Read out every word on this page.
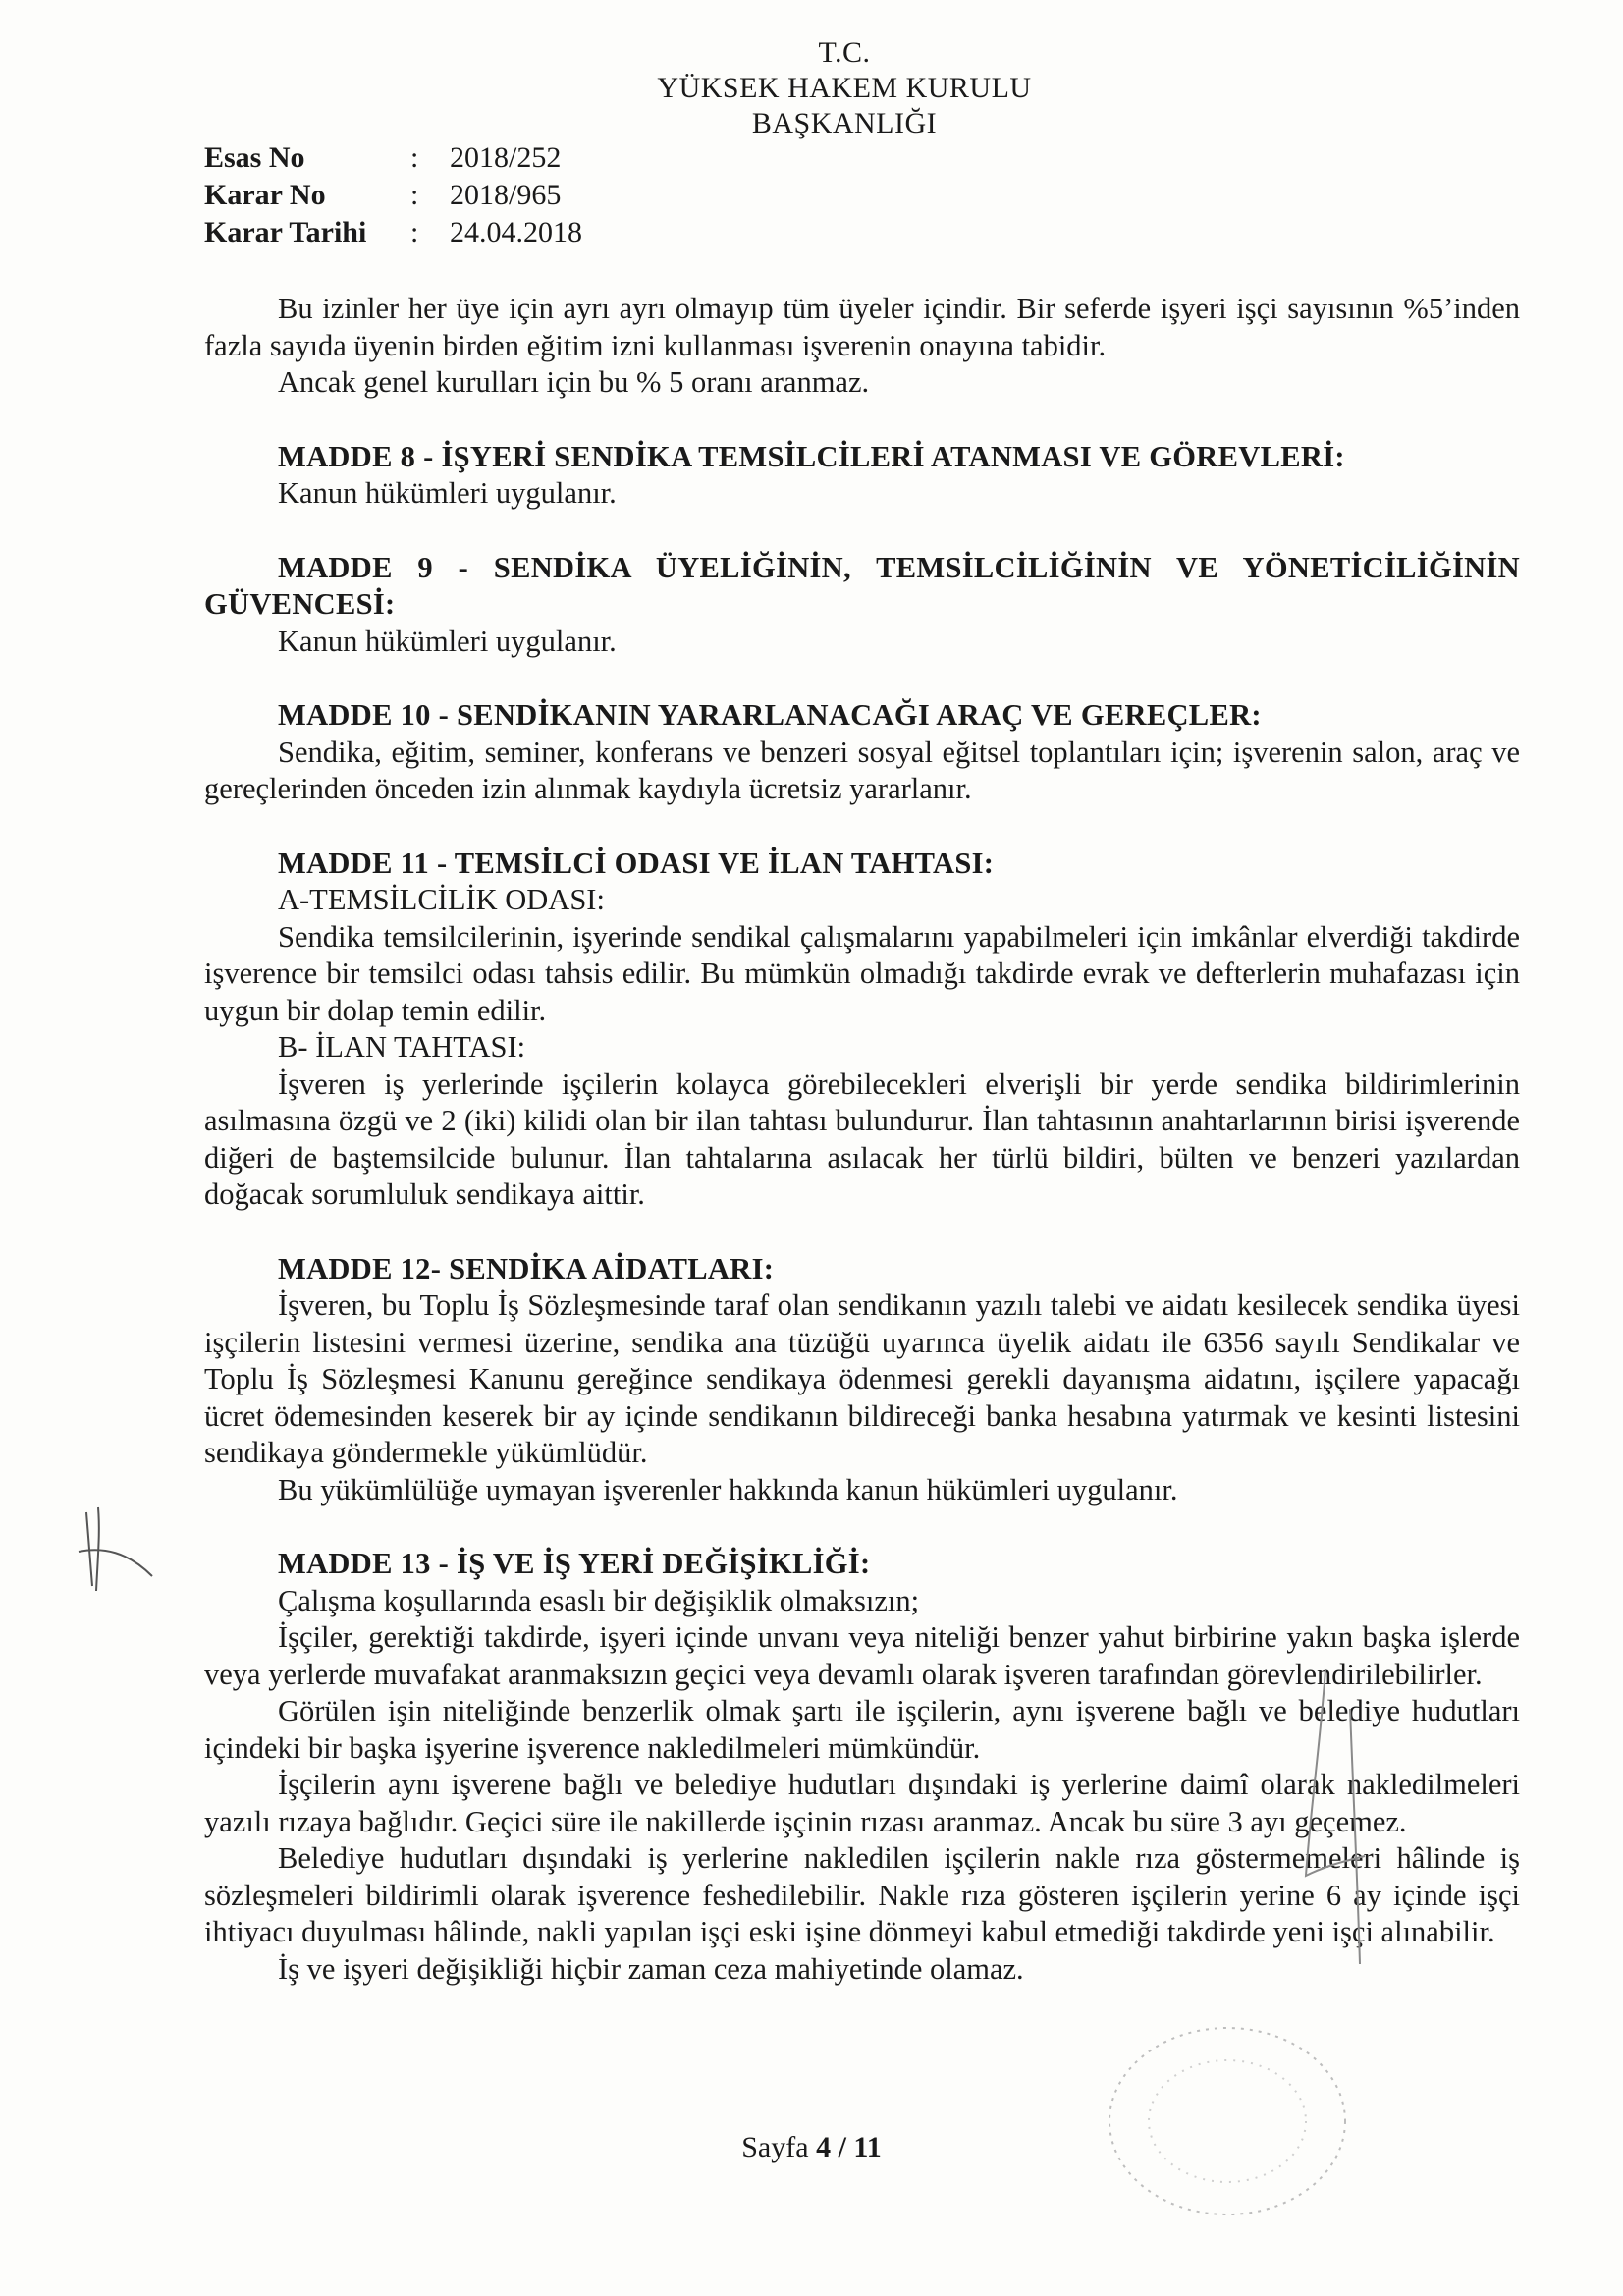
T.C.
YÜKSEK HAKEM KURULU
BAŞKANLIĞI
Esas No	:	2018/252
Karar No	:	2018/965
Karar Tarihi	:	24.04.2018

Bu izinler her üye için ayrı ayrı olmayıp tüm üyeler içindir. Bir seferde işyeri işçi sayısının %5’inden fazla sayıda üyenin birden eğitim izni kullanması işverenin onayına tabidir.

Ancak genel kurulları için bu % 5 oranı aranmaz.

MADDE 8 - İŞYERİ SENDİKA TEMSİLCİLERİ ATANMASI VE GÖREVLERİ:

Kanun hükümleri uygulanır.

MADDE 9 - SENDİKA ÜYELİĞİNİN, TEMSİLCİLİĞİNİN VE YÖNETİCİLİĞİNİN GÜVENCESİ:

Kanun hükümleri uygulanır.

MADDE 10 - SENDİKANIN YARARLANACAĞI ARAÇ VE GEREÇLER:

Sendika, eğitim, seminer, konferans ve benzeri sosyal eğitsel toplantıları için; işverenin salon, araç ve gereçlerinden önceden izin alınmak kaydıyla ücretsiz yararlanır.

MADDE 11 - TEMSİLCİ ODASI VE İLAN TAHTASI:

A-TEMSİLCİLİK ODASI:

Sendika temsilcilerinin, işyerinde sendikal çalışmalarını yapabilmeleri için imkânlar elverdiği takdirde işverence bir temsilci odası tahsis edilir. Bu mümkün olmadığı takdirde evrak ve defterlerin muhafazası için uygun bir dolap temin edilir.

B- İLAN TAHTASI:

İşveren iş yerlerinde işçilerin kolayca görebilecekleri elverişli bir yerde sendika bildirimlerinin asılmasına özgü ve 2 (iki) kilidi olan bir ilan tahtası bulundurur. İlan tahtasının anahtarlarının birisi işverende diğeri de baştemsilcide bulunur. İlan tahtalarına asılacak her türlü bildiri, bülten ve benzeri yazılardan doğacak sorumluluk sendikaya aittir.

MADDE 12- SENDİKA AİDATLARI:

İşveren, bu Toplu İş Sözleşmesinde taraf olan sendikanın yazılı talebi ve aidatı kesilecek sendika üyesi işçilerin listesini vermesi üzerine, sendika ana tüzüğü uyarınca üyelik aidatı ile 6356 sayılı Sendikalar ve Toplu İş Sözleşmesi Kanunu gereğince sendikaya ödenmesi gerekli dayanışma aidatını, işçilere yapacağı ücret ödemesinden keserek bir ay içinde sendikanın bildireceği banka hesabına yatırmak ve kesinti listesini sendikaya göndermekle yükümlüdür.

Bu yükümlülüğe uymayan işverenler hakkında kanun hükümleri uygulanır.

MADDE 13 - İŞ VE İŞ YERİ DEĞİŞİKLİĞİ:

Çalışma koşullarında esaslı bir değişiklik olmaksızın;

İşçiler, gerektiği takdirde, işyeri içinde unvanı veya niteliği benzer yahut birbirine yakın başka işlerde veya yerlerde muvafakat aranmaksızın geçici veya devamlı olarak işveren tarafından görevlendirilebilirler.

Görülen işin niteliğinde benzerlik olmak şartı ile işçilerin, aynı işverene bağlı ve belediye hudutları içindeki bir başka işyerine işverence nakledilmeleri mümkündür.

İşçilerin aynı işverene bağlı ve belediye hudutları dışındaki iş yerlerine daimî olarak nakledilmeleri yazılı rızaya bağlıdır. Geçici süre ile nakillerde işçinin rızası aranmaz. Ancak bu süre 3 ayı geçemez.

Belediye hudutları dışındaki iş yerlerine nakledilen işçilerin nakle rıza göstermemeleri hâlinde iş sözleşmeleri bildirimli olarak işverence feshedilebilir. Nakle rıza gösteren işçilerin yerine 6 ay içinde işçi ihtiyacı duyulması hâlinde, nakli yapılan işçi eski işine dönmeyi kabul etmediği takdirde yeni işçi alınabilir.

İş ve işyeri değişikliği hiçbir zaman ceza mahiyetinde olamaz.

Sayfa 4 / 11
